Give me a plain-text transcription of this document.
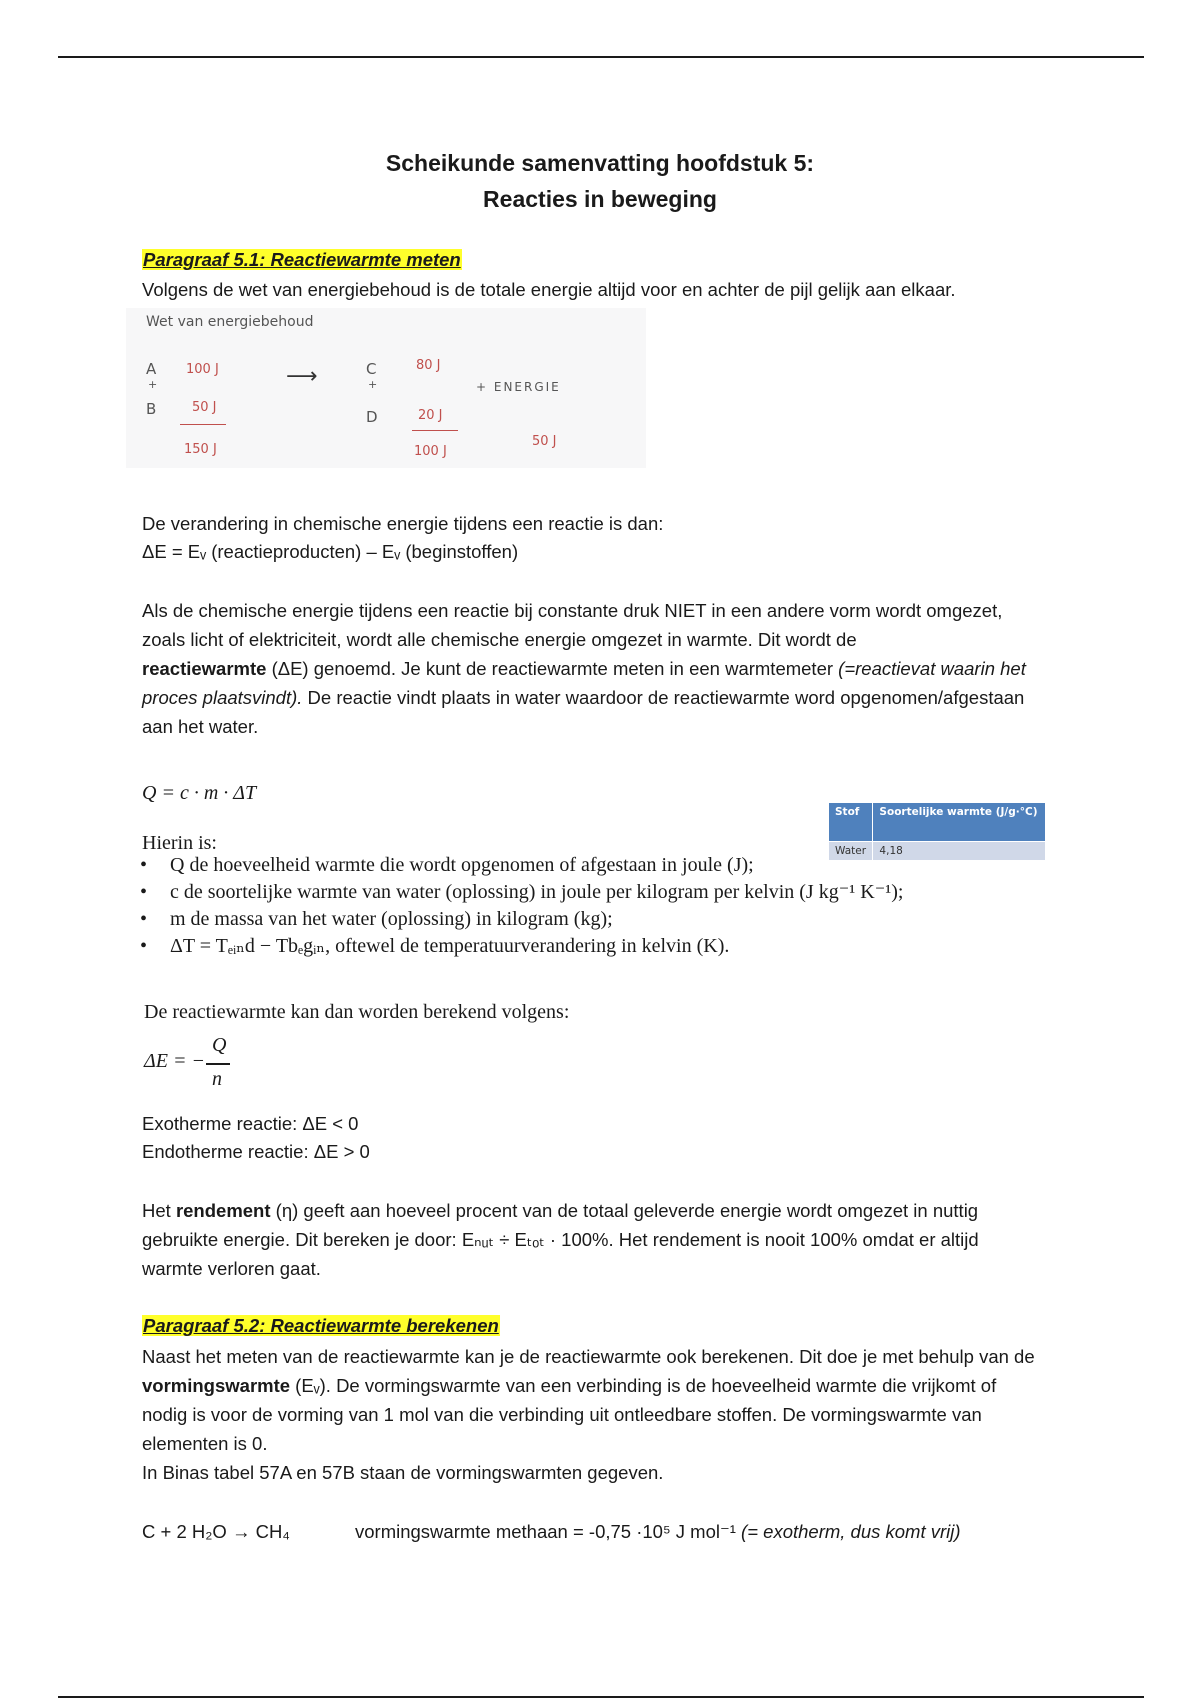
Scheikunde samenvatting hoofdstuk 5:
Reacties in beweging
Paragraaf 5.1: Reactiewarmte meten
Volgens de wet van energiebehoud is de totale energie altijd voor en achter de pijl gelijk aan elkaar.
Wet van energiebehoud
A
+
B
100 J
50 J
150 J
⟶	C
+
D
80 J
20 J
100 J
+ ENERGIE
50 J
De verandering in chemische energie tijdens een reactie is dan:
ΔE = Eᵥ (reactieproducten) – Eᵥ (beginstoffen)
Als de chemische energie tijdens een reactie bij constante druk NIET in een andere vorm wordt omgezet, zoals licht of elektriciteit, wordt alle chemische energie omgezet in warmte. Dit wordt de
reactiewarmte (ΔE) genoemd. Je kunt de reactiewarmte meten in een warmtemeter (=reactievat waarin het proces plaatsvindt). De reactie vindt plaats in water waardoor de reactiewarmte word opgenomen/afgestaan aan het water.
Q = c · m · ΔT
Stof	Soortelijke warmte (J/g·°C)
Water	4,18
Hierin is:
• Q de hoeveelheid warmte die wordt opgenomen of afgestaan in joule (J);
• c de soortelijke warmte van water (oplossing) in joule per kilogram per kelvin (J kg⁻¹ K⁻¹);
• m de massa van het water (oplossing) in kilogram (kg);
• ΔT = Tₑᵢₙd − Tbₑgᵢₙ, oftewel de temperatuurverandering in kelvin (K).
De reactiewarmte kan dan worden berekend volgens:
ΔE = −
Q
n
Exotherme reactie: ΔE < 0
Endotherme reactie: ΔE > 0
Het rendement (η) geeft aan hoeveel procent van de totaal geleverde energie wordt omgezet in nuttig gebruikte energie. Dit bereken je door: Eₙᵤₜ ÷ Eₜₒₜ · 100%. Het rendement is nooit 100% omdat er altijd warmte verloren gaat.
Paragraaf 5.2: Reactiewarmte berekenen
Naast het meten van de reactiewarmte kan je de reactiewarmte ook berekenen. Dit doe je met behulp van de vormingswarmte (Eᵥ). De vormingswarmte van een verbinding is de hoeveelheid warmte die vrijkomt of nodig is voor de vorming van 1 mol van die verbinding uit ontleedbare stoffen. De vormingswarmte van elementen is 0.
In Binas tabel 57A en 57B staan de vormingswarmten gegeven.
C + 2 H₂O → CH₄	vormingswarmte methaan = -0,75 ·10⁵ J mol⁻¹ (= exotherm, dus komt vrij)
